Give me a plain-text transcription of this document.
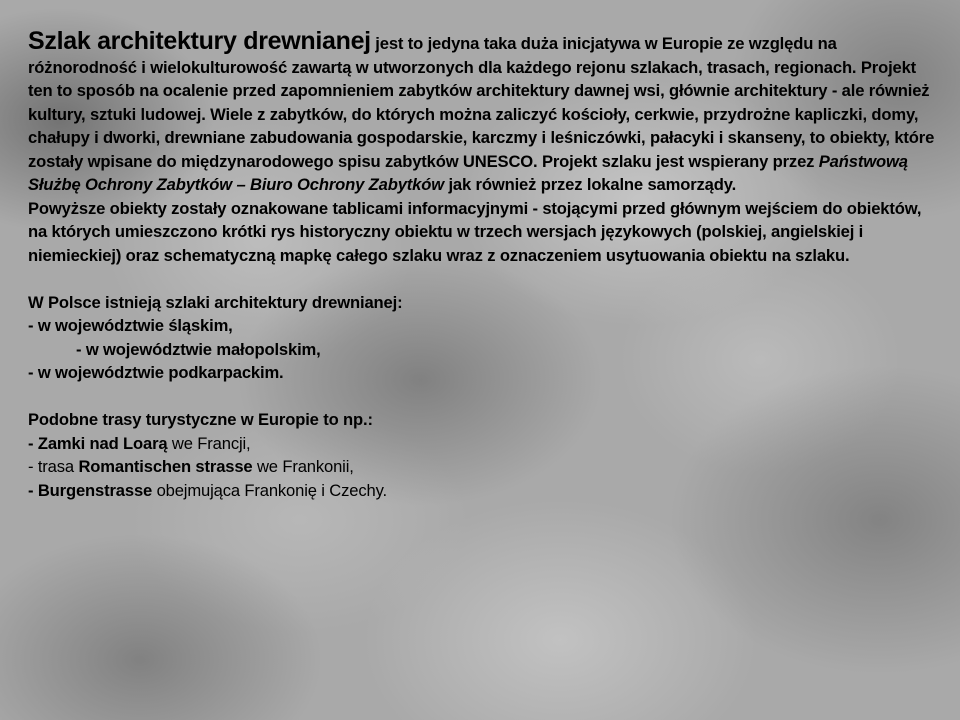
Szlak architektury drewnianej jest to jedyna taka duża inicjatywa w Europie ze względu na różnorodność i wielokulturowość zawartą w utworzonych dla każdego rejonu szlakach, trasach, regionach. Projekt ten to sposób na ocalenie przed zapomnieniem zabytków architektury dawnej wsi, głównie architektury - ale również kultury, sztuki ludowej. Wiele z zabytków, do których można zaliczyć kościoły, cerkwie, przydrożne kapliczki, domy, chałupy i dworki, drewniane zabudowania gospodarskie, karczmy i leśniczówki, pałacyki i skanseny, to obiekty, które zostały wpisane do międzynarodowego spisu zabytków UNESCO. Projekt szlaku jest wspierany przez Państwową Służbę Ochrony Zabytków – Biuro Ochrony Zabytków jak również przez lokalne samorządy.

Powyższe obiekty zostały oznakowane tablicami informacyjnymi - stojącymi przed głównym wejściem do obiektów, na których umieszczono krótki rys historyczny obiektu w trzech wersjach językowych (polskiej, angielskiej i niemieckiej) oraz schematyczną mapkę całego szlaku wraz z oznaczeniem usytuowania obiektu na szlaku.

W Polsce istnieją szlaki architektury drewnianej:

- w województwie śląskim,

- w województwie małopolskim,

- w województwie podkarpackim.

Podobne trasy turystyczne w Europie to np.:

- Zamki nad Loarą we Francji,

- trasa Romantischen strasse we Frankonii,

- Burgenstrasse obejmująca Frankonię i Czechy.
